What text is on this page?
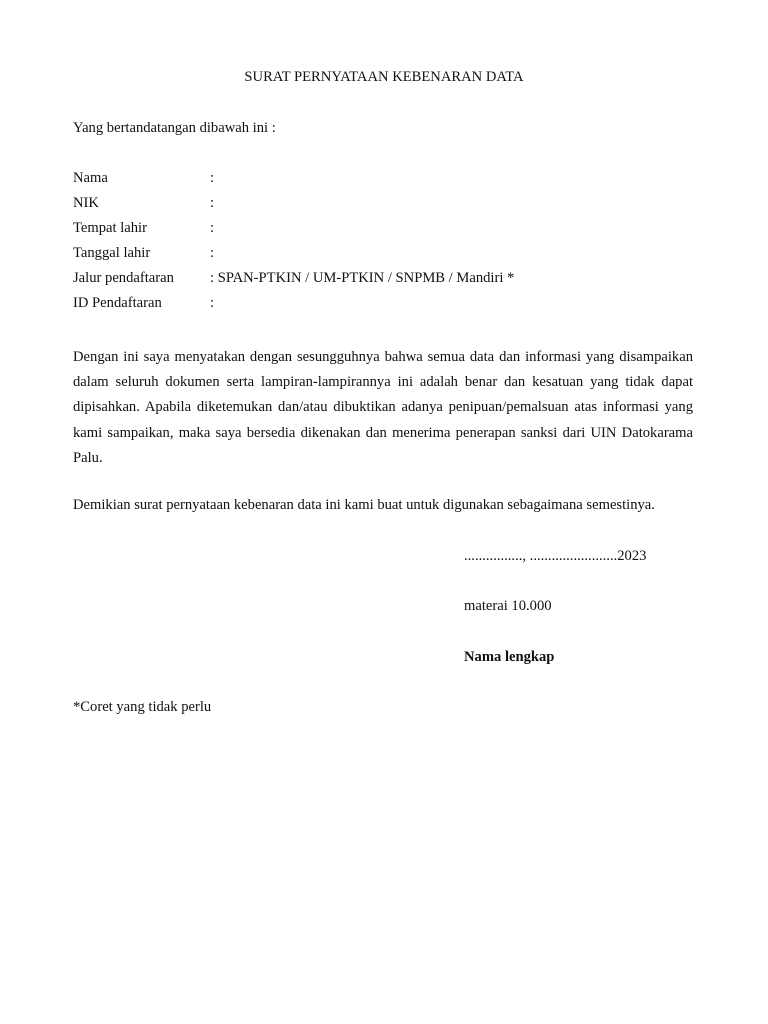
SURAT PERNYATAAN KEBENARAN DATA
Yang bertandatangan dibawah ini :
Nama	:
NIK	:
Tempat lahir	:
Tanggal lahir	:
Jalur pendaftaran : SPAN-PTKIN / UM-PTKIN / SNPMB / Mandiri *
ID Pendaftaran	:
Dengan ini saya menyatakan dengan sesungguhnya bahwa semua data dan informasi yang disampaikan dalam seluruh dokumen serta lampiran-lampirannya ini adalah benar dan kesatuan yang tidak dapat dipisahkan. Apabila diketemukan dan/atau dibuktikan adanya penipuan/pemalsuan atas informasi yang kami sampaikan, maka saya bersedia dikenakan dan menerima penerapan sanksi dari UIN Datokarama Palu.
Demikian surat pernyataan kebenaran data ini kami buat untuk digunakan sebagaimana semestinya.
................, ........................2023
materai 10.000
Nama lengkap
*Coret yang tidak perlu
